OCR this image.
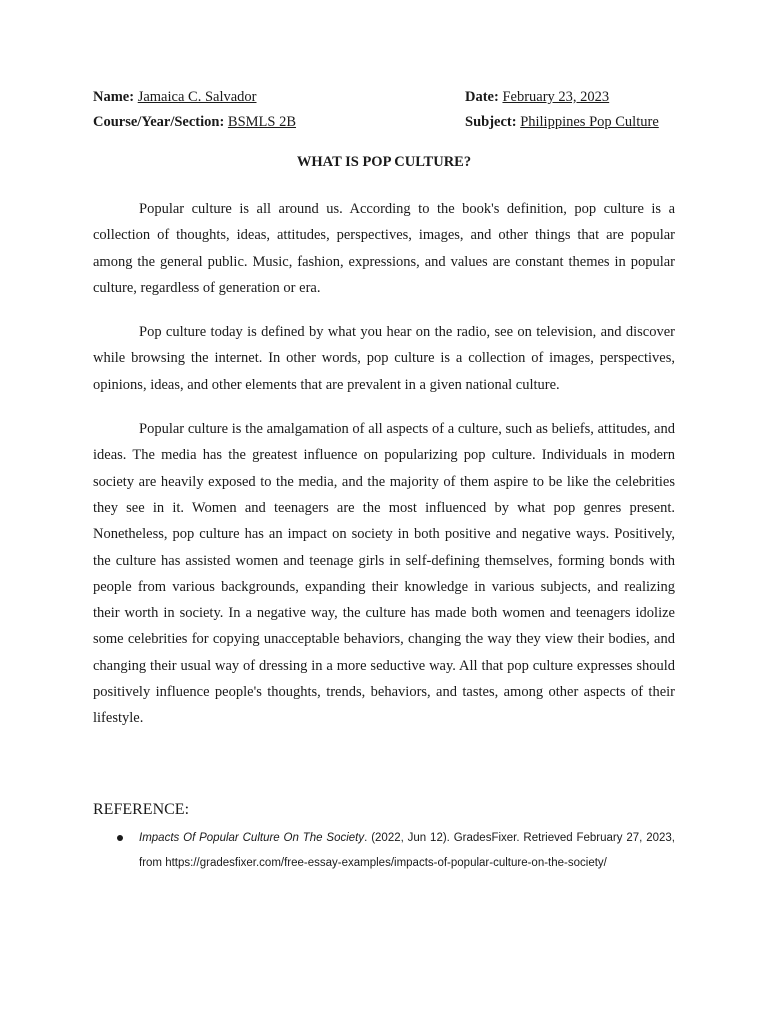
Name: Jamaica C. Salvador	Date: February 23, 2023
Course/Year/Section: BSMLS 2B	Subject: Philippines Pop Culture
WHAT IS POP CULTURE?

Popular culture is all around us. According to the book's definition, pop culture is a collection of thoughts, ideas, attitudes, perspectives, images, and other things that are popular among the general public. Music, fashion, expressions, and values are constant themes in popular culture, regardless of generation or era.

Pop culture today is defined by what you hear on the radio, see on television, and discover while browsing the internet. In other words, pop culture is a collection of images, perspectives, opinions, ideas, and other elements that are prevalent in a given national culture.

Popular culture is the amalgamation of all aspects of a culture, such as beliefs, attitudes, and ideas. The media has the greatest influence on popularizing pop culture. Individuals in modern society are heavily exposed to the media, and the majority of them aspire to be like the celebrities they see in it. Women and teenagers are the most influenced by what pop genres present. Nonetheless, pop culture has an impact on society in both positive and negative ways. Positively, the culture has assisted women and teenage girls in self-defining themselves, forming bonds with people from various backgrounds, expanding their knowledge in various subjects, and realizing their worth in society. In a negative way, the culture has made both women and teenagers idolize some celebrities for copying unacceptable behaviors, changing the way they view their bodies, and changing their usual way of dressing in a more seductive way. All that pop culture expresses should positively influence people's thoughts, trends, behaviors, and tastes, among other aspects of their lifestyle.

REFERENCE:
Impacts Of Popular Culture On The Society. (2022, Jun 12). GradesFixer. Retrieved February 27, 2023, from https://gradesfixer.com/free-essay-examples/impacts-of-popular-culture-on-the-society/
